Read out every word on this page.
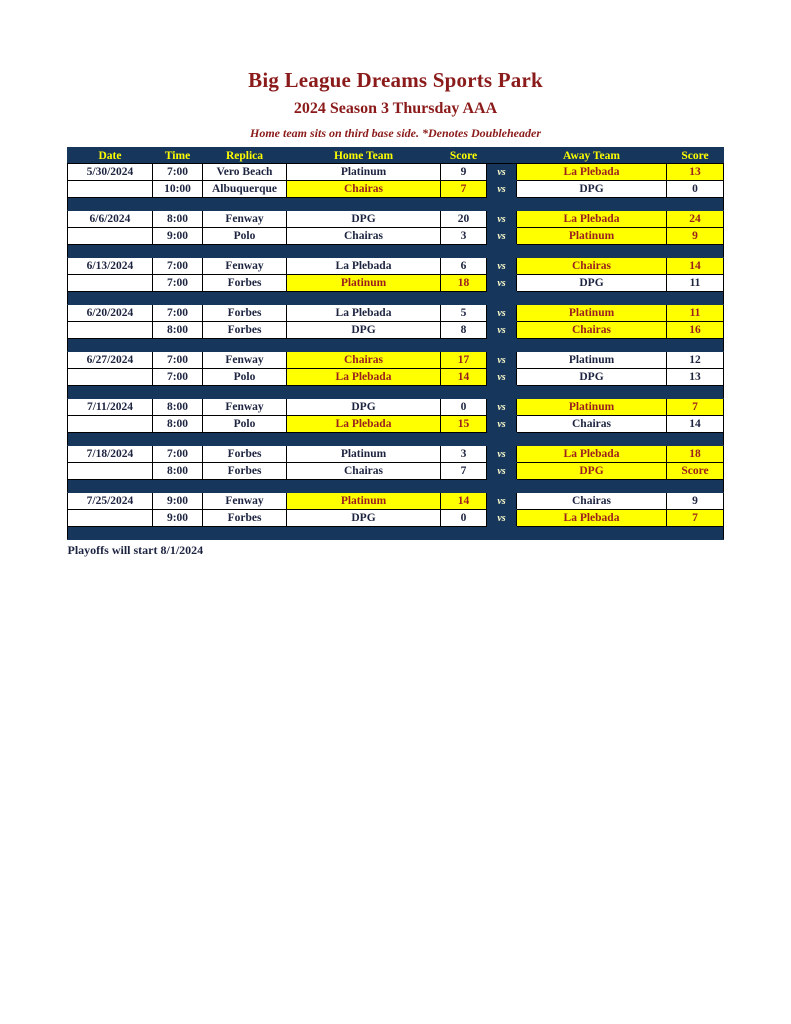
Big League Dreams Sports Park
2024 Season 3 Thursday AAA
Home team sits on third base side. *Denotes Doubleheader
Date	Time	Replica	Home Team	Score		Away Team	Score
5/30/2024	7:00	Vero Beach	Platinum	9	vs	La Plebada	13
	10:00	Albuquerque	Chairas	7	vs	DPG	0

6/6/2024	8:00	Fenway	DPG	20	vs	La Plebada	24
	9:00	Polo	Chairas	3	vs	Platinum	9

6/13/2024	7:00	Fenway	La Plebada	6	vs	Chairas	14
	7:00	Forbes	Platinum	18	vs	DPG	11

6/20/2024	7:00	Forbes	La Plebada	5	vs	Platinum	11
	8:00	Forbes	DPG	8	vs	Chairas	16

6/27/2024	7:00	Fenway	Chairas	17	vs	Platinum	12
	7:00	Polo	La Plebada	14	vs	DPG	13

7/11/2024	8:00	Fenway	DPG	0	vs	Platinum	7
	8:00	Polo	La Plebada	15	vs	Chairas	14

7/18/2024	7:00	Forbes	Platinum	3	vs	La Plebada	18
	8:00	Forbes	Chairas	7	vs	DPG	Score

7/25/2024	9:00	Fenway	Platinum	14	vs	Chairas	9
	9:00	Forbes	DPG	0	vs	La Plebada	7

Playoffs will start 8/1/2024
